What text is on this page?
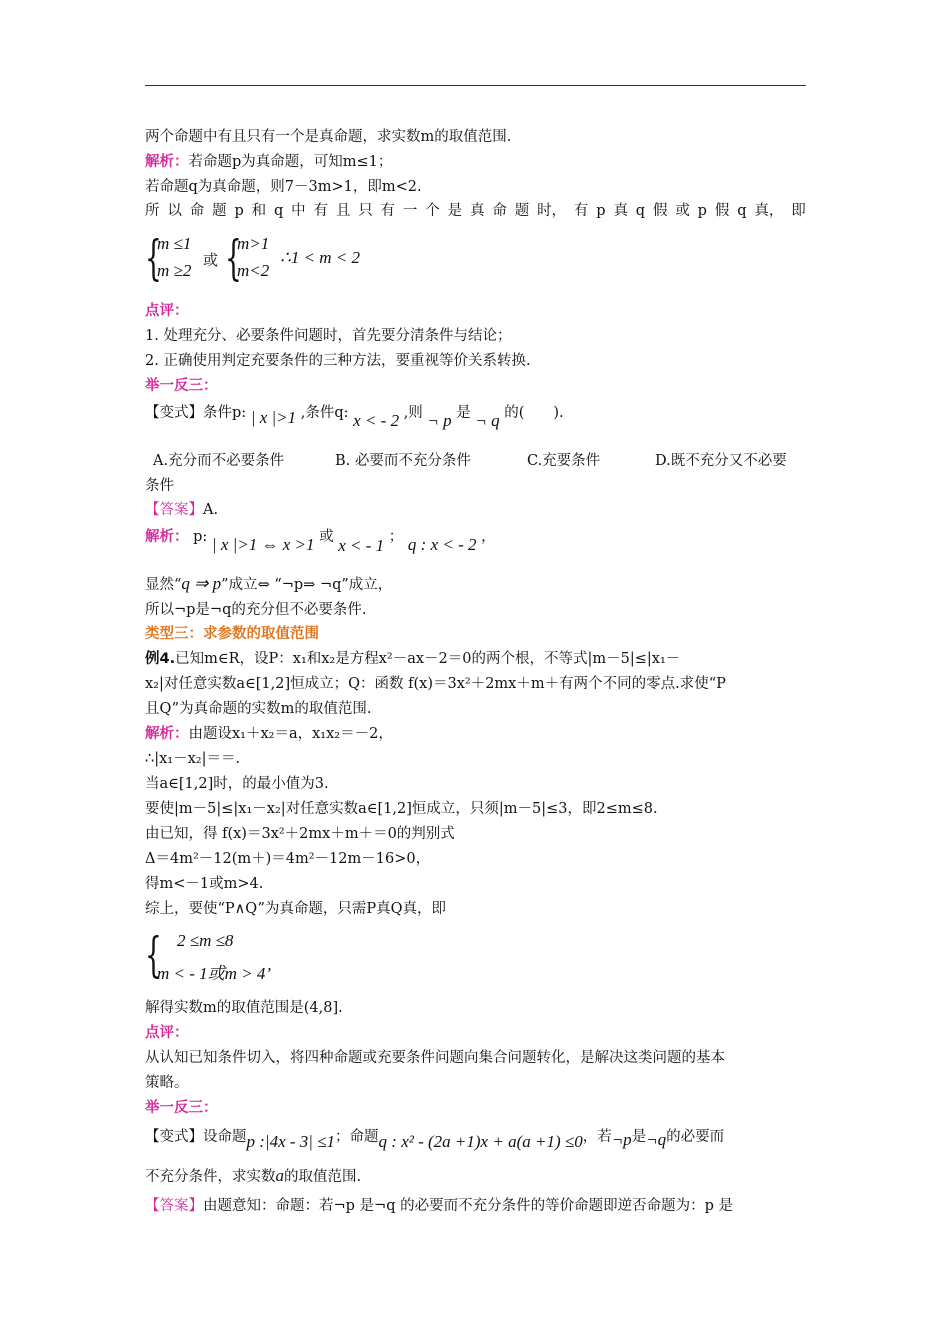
两个命题中有且只有一个是真命题，求实数m的取值范围.
解析：若命题p为真命题，可知m≤1；
若命题q为真命题，则7－3m>1，即m<2.
所 以 命 题 p 和 q 中 有 且 只 有 一 个 是 真 命 题 时， 有 p 真 q 假 或 p 假 q 真， 即
{
m ≤1
m ≥2
或 {
m>1
m<2
∴1 < m < 2
点评：
1. 处理充分、必要条件问题时，首先要分清条件与结论；
2. 正确使用判定充要条件的三种方法，要重视等价关系转换.
举一反三：
【变式】条件p: | x |>1 ,条件q: x < - 2 ,则 ¬ p 是 ¬ q 的(　　).
A.充分而不必要条件	B. 必要而不充分条件	C.充要条件	D.既不充分又不必要
条件
【答案】A.
解析： p: | x |>1 ⇔ x >1 或 x < - 1 ； q : x < - 2 ，
显然“q ⇒ p”成立⇔ “¬p⇒ ¬q”成立，
所以¬p是¬q的充分但不必要条件.
类型三：求参数的取值范围
例4.已知m∈R，设P：x₁和x₂是方程x²－ax－2＝0的两个根，不等式|m－5|≤|x₁－
x₂|对任意实数a∈[1,2]恒成立；Q：函数 f(x)＝3x²＋2mx＋m＋有两个不同的零点.求使“P
且Q”为真命题的实数m的取值范围.
解析：由题设x₁＋x₂＝a，x₁x₂＝－2，
∴|x₁－x₂|＝＝.
当a∈[1,2]时，的最小值为3.
要使|m－5|≤|x₁－x₂|对任意实数a∈[1,2]恒成立，只须|m－5|≤3，即2≤m≤8.
由已知，得 f(x)＝3x²＋2mx＋m＋＝0的判别式
Δ＝4m²－12(m＋)＝4m²－12m－16>0，
得m<－1或m>4.
综上，要使“P∧Q”为真命题，只需P真Q真，即
{ 2 ≤m ≤8
m < - 1或m > 4’
解得实数m的取值范围是(4,8].
点评：
从认知已知条件切入，将四种命题或充要条件问题向集合问题转化，是解决这类问题的基本
策略。
举一反三：
【变式】设命题p :|4x - 3| ≤1；命题q : x² - (2a +1)x + a(a +1) ≤0，若¬p是¬q的必要而
不充分条件，求实数a的取值范围.
【答案】由题意知：命题：若¬p 是¬q 的必要而不充分条件的等价命题即逆否命题为：p 是
